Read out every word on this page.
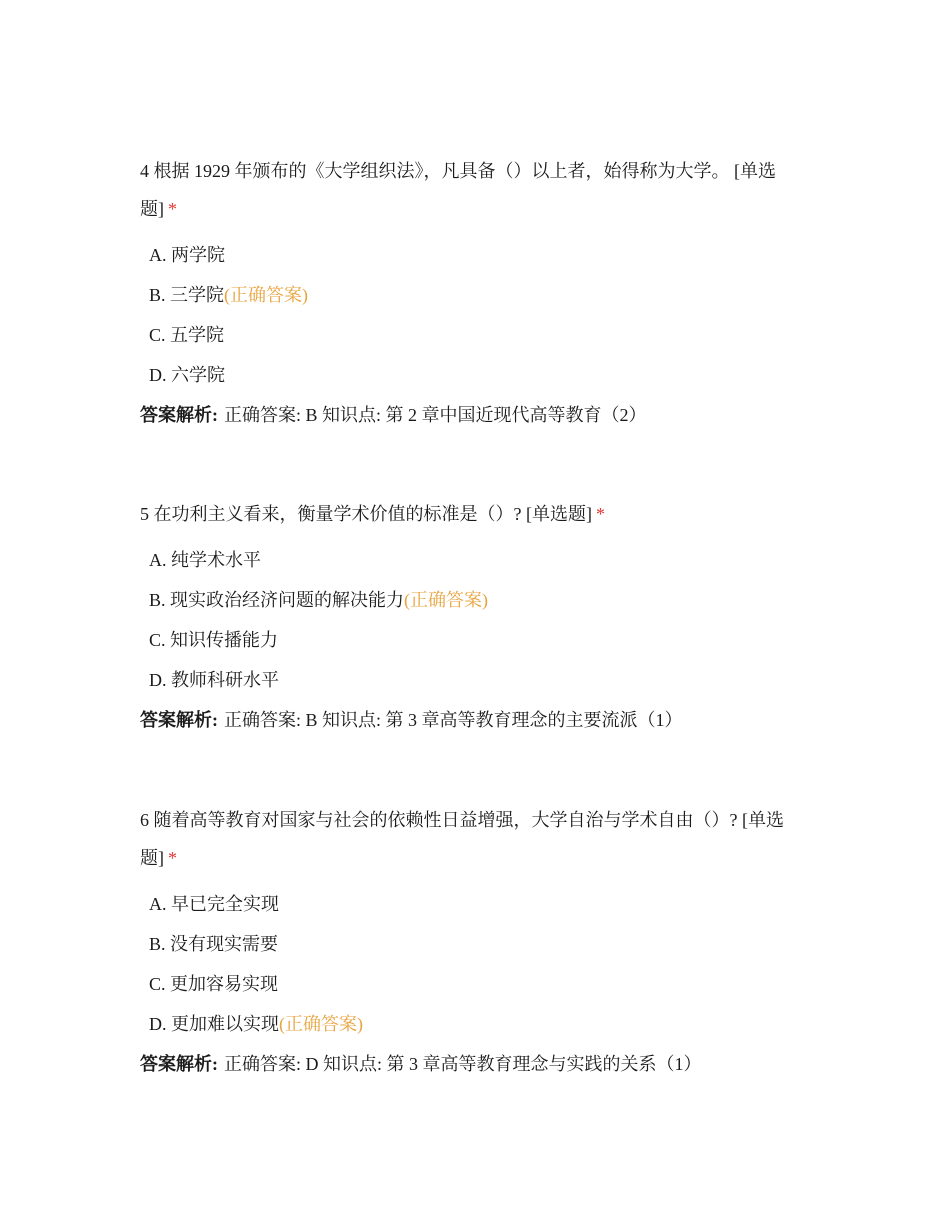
4 根据 1929 年颁布的《大学组织法》，凡具备（）以上者，始得称为大学。 [单选题] *

A. 两学院
B. 三学院(正确答案)
C. 五学院
D. 六学院
答案解析: 正确答案: B 知识点: 第 2 章中国近现代高等教育（2）

5 在功利主义看来，衡量学术价值的标准是（）? [单选题] *

A. 纯学术水平
B. 现实政治经济问题的解决能力(正确答案)
C. 知识传播能力
D. 教师科研水平
答案解析: 正确答案: B 知识点: 第 3 章高等教育理念的主要流派（1）

6 随着高等教育对国家与社会的依赖性日益增强，大学自治与学术自由（）? [单选题] *

A. 早已完全实现
B. 没有现实需要
C. 更加容易实现
D. 更加难以实现(正确答案)
答案解析: 正确答案: D 知识点: 第 3 章高等教育理念与实践的关系（1）
